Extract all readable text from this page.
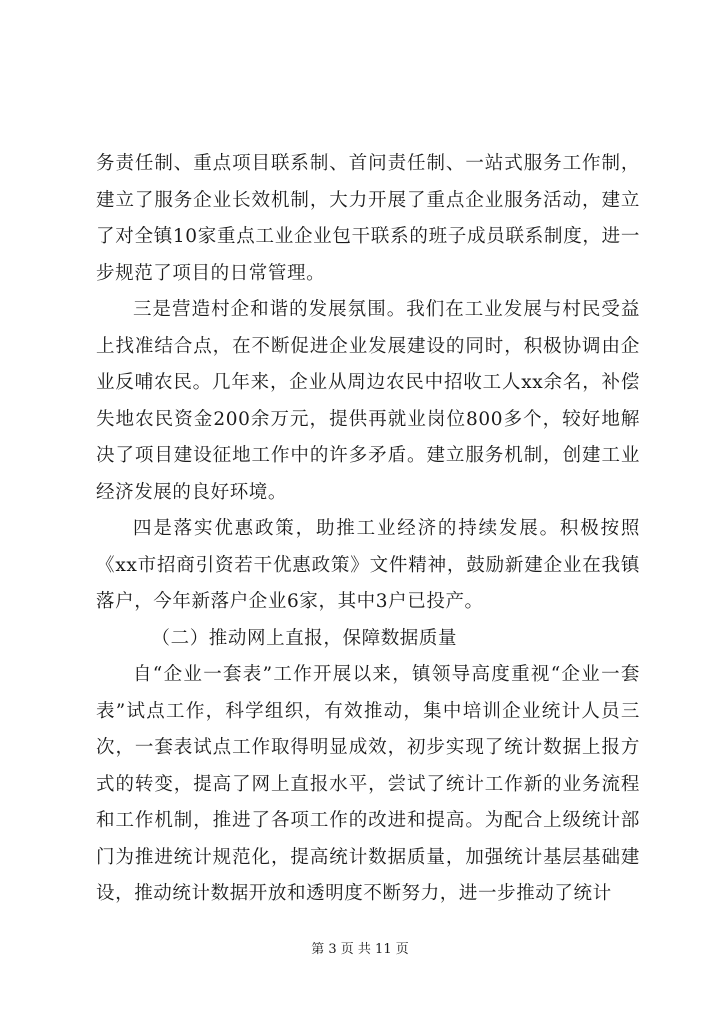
务责任制、重点项目联系制、首问责任制、一站式服务工作制，建立了服务企业长效机制，大力开展了重点企业服务活动，建立了对全镇10家重点工业企业包干联系的班子成员联系制度，进一步规范了项目的日常管理。

三是营造村企和谐的发展氛围。我们在工业发展与村民受益上找准结合点，在不断促进企业发展建设的同时，积极协调由企业反哺农民。几年来，企业从周边农民中招收工人xx余名，补偿失地农民资金200余万元，提供再就业岗位800多个，较好地解决了项目建设征地工作中的许多矛盾。建立服务机制，创建工业经济发展的良好环境。

四是落实优惠政策，助推工业经济的持续发展。积极按照《xx市招商引资若干优惠政策》文件精神，鼓励新建企业在我镇落户，今年新落户企业6家，其中3户已投产。

（二）推动网上直报，保障数据质量

自“企业一套表”工作开展以来，镇领导高度重视“企业一套表”试点工作，科学组织，有效推动，集中培训企业统计人员三次，一套表试点工作取得明显成效，初步实现了统计数据上报方式的转变，提高了网上直报水平，尝试了统计工作新的业务流程和工作机制，推进了各项工作的改进和提高。为配合上级统计部门为推进统计规范化，提高统计数据质量，加强统计基层基础建设，推动统计数据开放和透明度不断努力，进一步推动了统计

第 3 页 共 11 页
